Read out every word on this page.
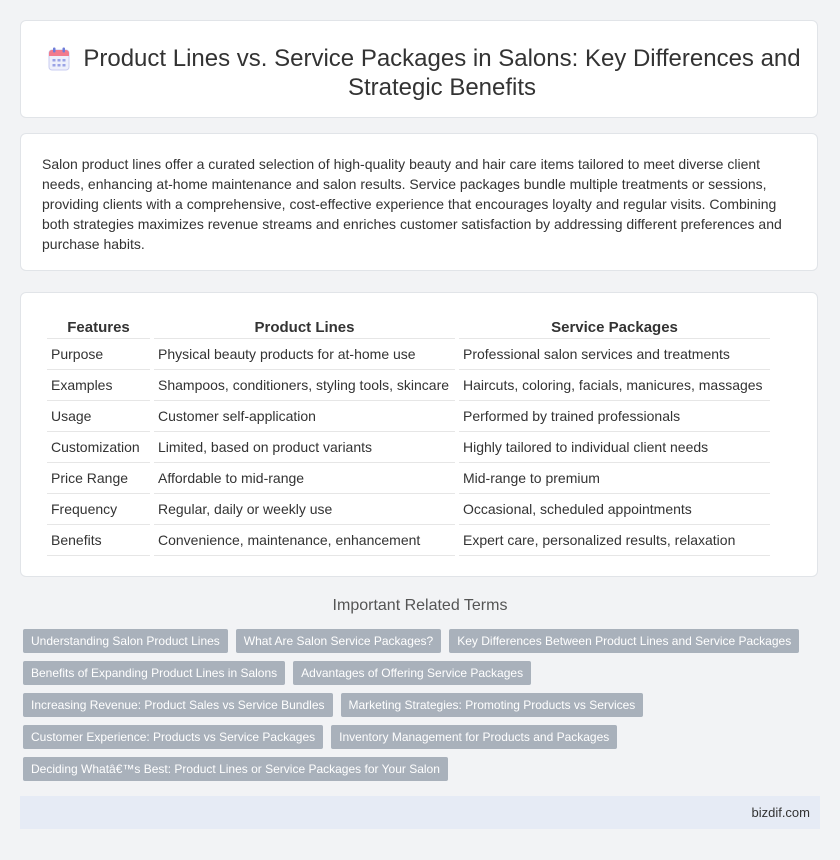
Product Lines vs. Service Packages in Salons: Key Differences and Strategic Benefits

Salon product lines offer a curated selection of high-quality beauty and hair care items tailored to meet diverse client needs, enhancing at-home maintenance and salon results. Service packages bundle multiple treatments or sessions, providing clients with a comprehensive, cost-effective experience that encourages loyalty and regular visits. Combining both strategies maximizes revenue streams and enriches customer satisfaction by addressing different preferences and purchase habits.

Features	Product Lines	Service Packages
Purpose	Physical beauty products for at-home use	Professional salon services and treatments
Examples	Shampoos, conditioners, styling tools, skincare	Haircuts, coloring, facials, manicures, massages
Usage	Customer self-application	Performed by trained professionals
Customization	Limited, based on product variants	Highly tailored to individual client needs
Price Range	Affordable to mid-range	Mid-range to premium
Frequency	Regular, daily or weekly use	Occasional, scheduled appointments
Benefits	Convenience, maintenance, enhancement	Expert care, personalized results, relaxation
Important Related Terms
Understanding Salon Product Lines	What Are Salon Service Packages?	Key Differences Between Product Lines and Service Packages
Benefits of Expanding Product Lines in Salons	Advantages of Offering Service Packages
Increasing Revenue: Product Sales vs Service Bundles	Marketing Strategies: Promoting Products vs Services
Customer Experience: Products vs Service Packages	Inventory Management for Products and Packages
Deciding Whatâ€™s Best: Product Lines or Service Packages for Your Salon
bizdif.com
